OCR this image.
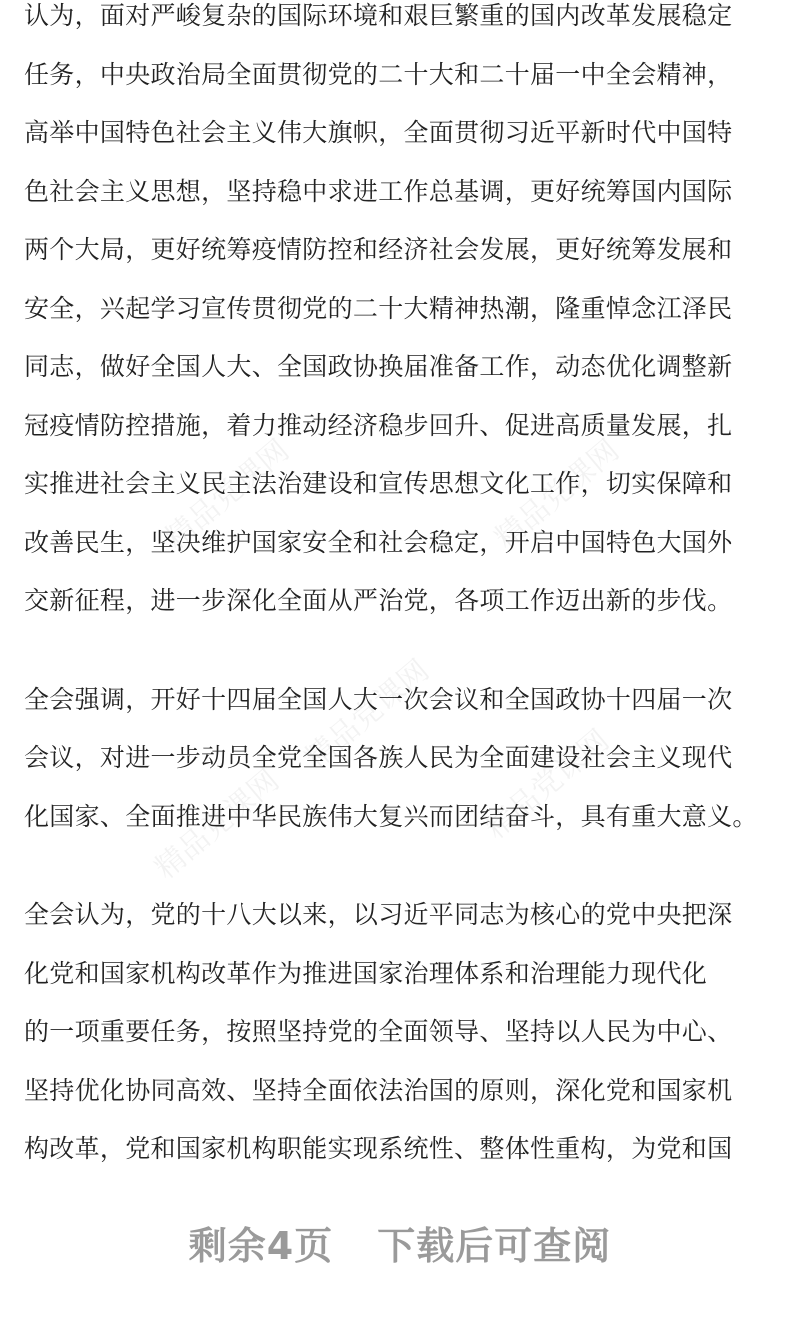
精品党课网	精品党课网
精品党课网
精品党课网
精品党课网
认为，面对严峻复杂的国际环境和艰巨繁重的国内改革发展稳定
任务，中央政治局全面贯彻党的二十大和二十届一中全会精神，
高举中国特色社会主义伟大旗帜，全面贯彻习近平新时代中国特
色社会主义思想，坚持稳中求进工作总基调，更好统筹国内国际
两个大局，更好统筹疫情防控和经济社会发展，更好统筹发展和
安全，兴起学习宣传贯彻党的二十大精神热潮，隆重悼念江泽民
同志，做好全国人大、全国政协换届准备工作，动态优化调整新
冠疫情防控措施，着力推动经济稳步回升、促进高质量发展，扎
实推进社会主义民主法治建设和宣传思想文化工作，切实保障和
改善民生，坚决维护国家安全和社会稳定，开启中国特色大国外
交新征程，进一步深化全面从严治党，各项工作迈出新的步伐。
全会强调，开好十四届全国人大一次会议和全国政协十四届一次
会议，对进一步动员全党全国各族人民为全面建设社会主义现代
化国家、全面推进中华民族伟大复兴而团结奋斗，具有重大意义。
全会认为，党的十八大以来，以习近平同志为核心的党中央把深
化党和国家机构改革作为推进国家治理体系和治理能力现代化
的一项重要任务，按照坚持党的全面领导、坚持以人民为中心、
坚持优化协同高效、坚持全面依法治国的原则，深化党和国家机
构改革，党和国家机构职能实现系统性、整体性重构，为党和国
剩余4页 下载后可查阅
